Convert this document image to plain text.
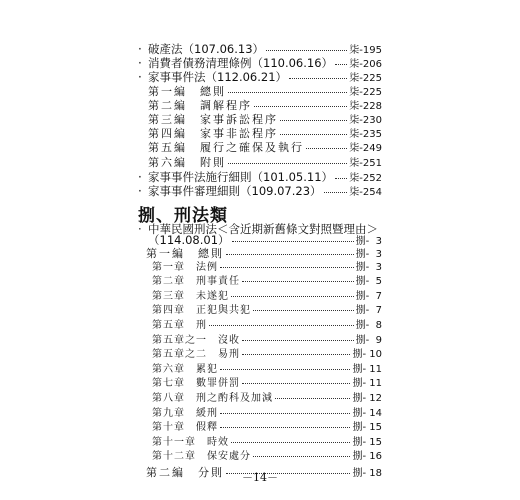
· 破產法（107.06.13）	柒-195
· 消費者債務清理條例（110.06.16） 柒-206
· 家事事件法（112.06.21）	柒-225
第一編　總則	柒-225
第二編　調解程序	柒-228
第三編　家事訴訟程序	柒-230
第四編　家事非訟程序	柒-235
第五編　履行之確保及執行	柒-249
第六編　附則	柒-251
· 家事事件法施行細則（101.05.11） 柒-252
· 家事事件審理細則（109.07.23）	柒-254
捌、刑法類
· 中華民國刑法＜含近期新舊條文對照暨理由＞
（114.08.01）	捌-  3
第一編　總則	捌-  3
第一章　法例	捌-  3
第二章　刑事責任	捌-  5
第三章　未遂犯	捌-  7
第四章　正犯與共犯	捌-  7
第五章　刑	捌-  8
第五章之一　沒收	捌-  9
第五章之二　易刑	捌- 10
第六章　累犯	捌- 11
第七章　數罪併罰	捌- 11
第八章　刑之酌科及加減	捌- 12
第九章　緩刑	捌- 14
第十章　假釋	捌- 15
第十一章　時效	捌- 15
第十二章　保安處分	捌- 16
第二編　分則	捌- 18
－14－
